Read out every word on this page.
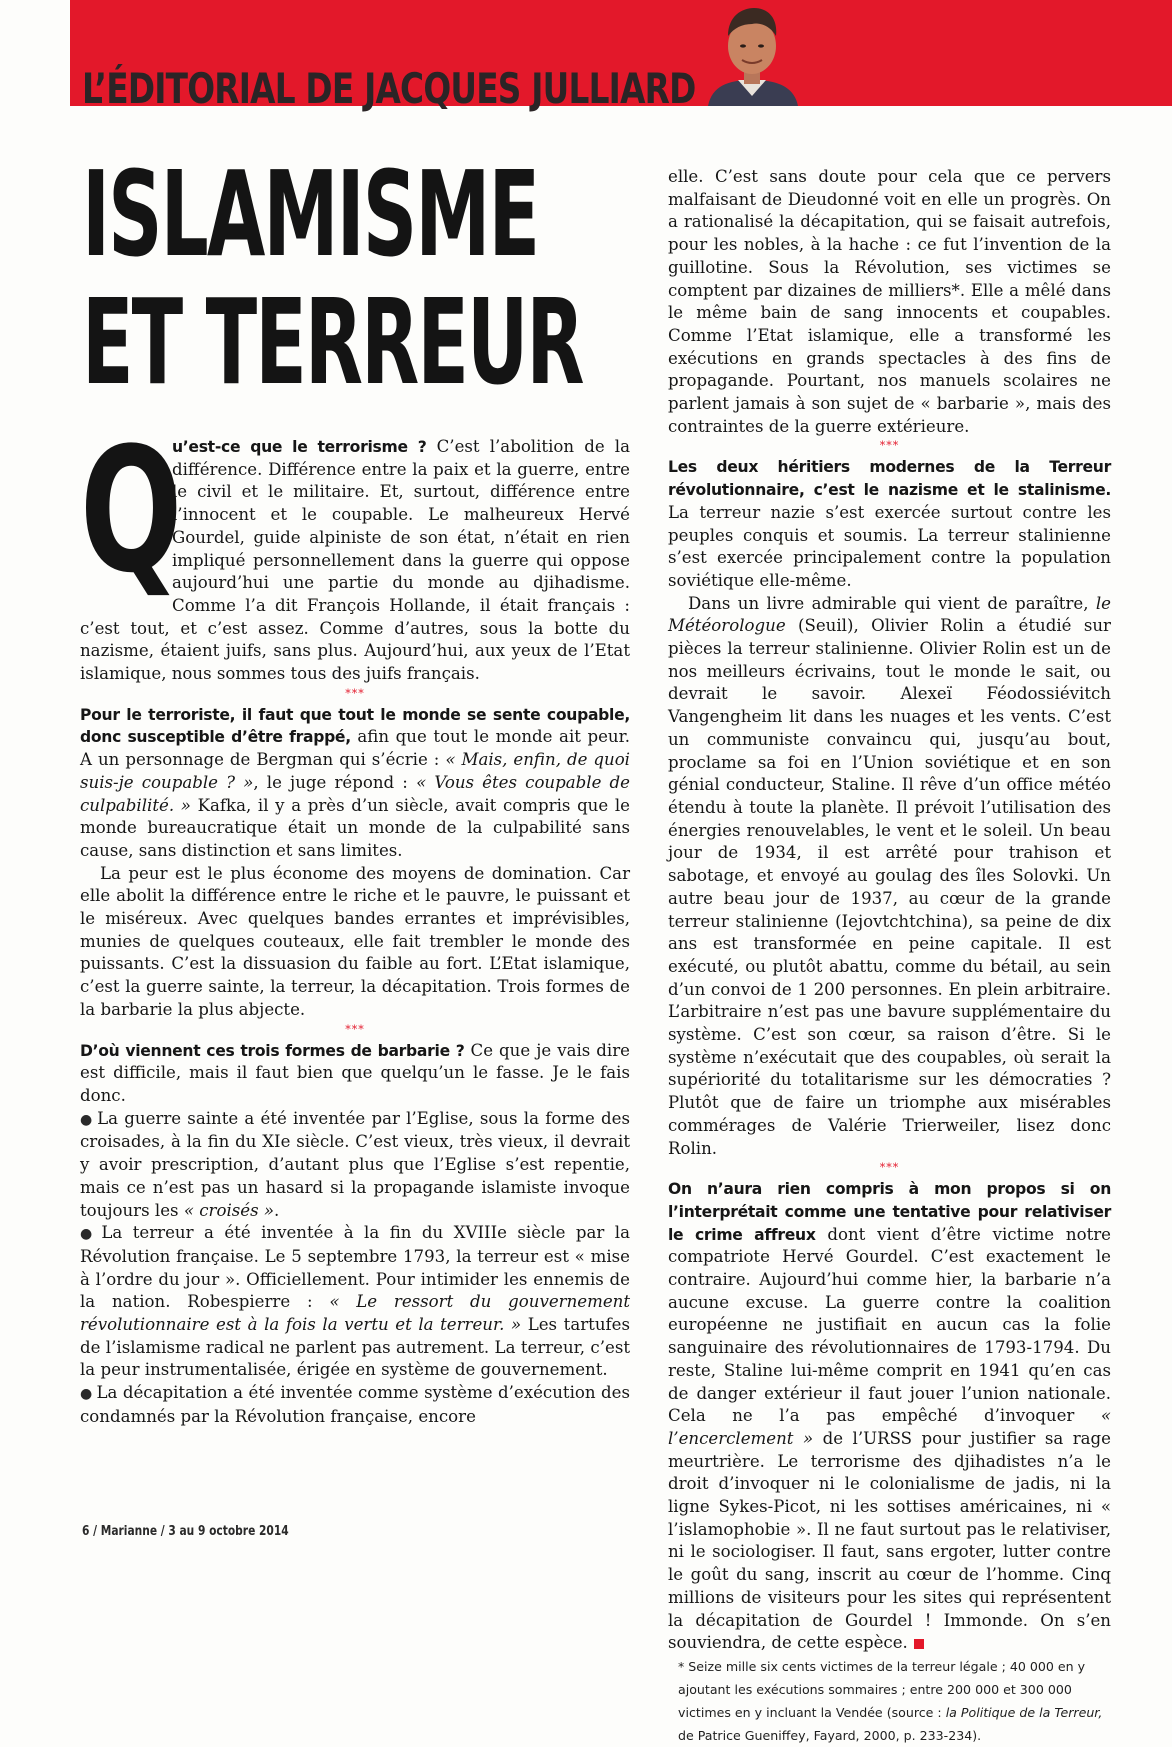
L’ÉDITORIAL DE JACQUES JULLIARD
ISLAMISME
ET TERREUR

Q
u’est-ce que le terrorisme ? C’est l’abolition de la différence. Différence entre la paix et la guerre, entre le civil et le militaire. Et, surtout, différence entre l’innocent et le coupable. Le malheureux Hervé Gourdel, guide alpiniste de son état, n’était en rien impliqué personnellement dans la guerre qui oppose aujourd’hui une partie du monde au djihadisme. Comme l’a dit François Hollande, il était français : c’est tout, et c’est assez. Comme d’autres, sous la botte du nazisme, étaient juifs, sans plus. Aujourd’hui, aux yeux de l’Etat islamique, nous sommes tous des juifs français.

***

Pour le terroriste, il faut que tout le monde se sente coupable, donc susceptible d’être frappé, afin que tout le monde ait peur. A un personnage de Bergman qui s’écrie : « Mais, enfin, de quoi suis-je coupable ? », le juge répond : « Vous êtes coupable de culpabilité. » Kafka, il y a près d’un siècle, avait compris que le monde bureaucratique était un monde de la culpabilité sans cause, sans distinction et sans limites.

La peur est le plus économe des moyens de domination. Car elle abolit la différence entre le riche et le pauvre, le puissant et le miséreux. Avec quelques bandes errantes et imprévisibles, munies de quelques couteaux, elle fait trembler le monde des puissants. C’est la dissuasion du faible au fort. L’Etat islamique, c’est la guerre sainte, la terreur, la décapitation. Trois formes de la barbarie la plus abjecte.

***

D’où viennent ces trois formes de barbarie ? Ce que je vais dire est difficile, mais il faut bien que quelqu’un le fasse. Je le fais donc.

● La guerre sainte a été inventée par l’Eglise, sous la forme des croisades, à la fin du XIe siècle. C’est vieux, très vieux, il devrait y avoir prescription, d’autant plus que l’Eglise s’est repentie, mais ce n’est pas un hasard si la propagande islamiste invoque toujours les « croisés ».

● La terreur a été inventée à la fin du XVIIIe siècle par la Révolution française. Le 5 septembre 1793, la terreur est « mise à l’ordre du jour ». Officiellement. Pour intimider les ennemis de la nation. Robespierre : « Le ressort du gouvernement révolutionnaire est à la fois la vertu et la terreur. » Les tartufes de l’islamisme radical ne parlent pas autrement. La terreur, c’est la peur instrumentalisée, érigée en système de gouvernement.

● La décapitation a été inventée comme système d’exécution des condamnés par la Révolution française, encore

elle. C’est sans doute pour cela que ce pervers malfaisant de Dieudonné voit en elle un progrès. On a rationalisé la décapitation, qui se faisait autrefois, pour les nobles, à la hache : ce fut l’invention de la guillotine. Sous la Révolution, ses victimes se comptent par dizaines de milliers*. Elle a mêlé dans le même bain de sang innocents et coupables. Comme l’Etat islamique, elle a transformé les exécutions en grands spectacles à des fins de propagande. Pourtant, nos manuels scolaires ne parlent jamais à son sujet de « barbarie », mais des contraintes de la guerre extérieure.

***

Les deux héritiers modernes de la Terreur révolutionnaire, c’est le nazisme et le stalinisme. La terreur nazie s’est exercée surtout contre les peuples conquis et soumis. La terreur stalinienne s’est exercée principalement contre la population soviétique elle-même.

Dans un livre admirable qui vient de paraître, le Météorologue (Seuil), Olivier Rolin a étudié sur pièces la terreur stalinienne. Olivier Rolin est un de nos meilleurs écrivains, tout le monde le sait, ou devrait le savoir. Alexeï Féodossiévitch Vangengheim lit dans les nuages et les vents. C’est un communiste convaincu qui, jusqu’au bout, proclame sa foi en l’Union soviétique et en son génial conducteur, Staline. Il rêve d’un office météo étendu à toute la planète. Il prévoit l’utilisation des énergies renouvelables, le vent et le soleil. Un beau jour de 1934, il est arrêté pour trahison et sabotage, et envoyé au goulag des îles Solovki. Un autre beau jour de 1937, au cœur de la grande terreur stalinienne (Iejovtchtchina), sa peine de dix ans est transformée en peine capitale. Il est exécuté, ou plutôt abattu, comme du bétail, au sein d’un convoi de 1 200 personnes. En plein arbitraire. L’arbitraire n’est pas une bavure supplémentaire du système. C’est son cœur, sa raison d’être. Si le système n’exécutait que des coupables, où serait la supériorité du totalitarisme sur les démocraties ? Plutôt que de faire un triomphe aux misérables commérages de Valérie Trierweiler, lisez donc Rolin.

***

On n’aura rien compris à mon propos si on l’interprétait comme une tentative pour relativiser le crime affreux dont vient d’être victime notre compatriote Hervé Gourdel. C’est exactement le contraire. Aujourd’hui comme hier, la barbarie n’a aucune excuse. La guerre contre la coalition européenne ne justifiait en aucun cas la folie sanguinaire des révolutionnaires de 1793-1794. Du reste, Staline lui-même comprit en 1941 qu’en cas de danger extérieur il faut jouer l’union nationale. Cela ne l’a pas empêché d’invoquer « l’encerclement » de l’URSS pour justifier sa rage meurtrière. Le terrorisme des djihadistes n’a le droit d’invoquer ni le colonialisme de jadis, ni la ligne Sykes-Picot, ni les sottises américaines, ni « l’islamophobie ». Il ne faut surtout pas le relativiser, ni le sociologiser. Il faut, sans ergoter, lutter contre le goût du sang, inscrit au cœur de l’homme. Cinq millions de visiteurs pour les sites qui représentent la décapitation de Gourdel ! Immonde. On s’en souviendra, de cette espèce.

* Seize mille six cents victimes de la terreur légale ; 40 000 en y ajoutant les exécutions sommaires ; entre 200 000 et 300 000 victimes en y incluant la Vendée (source : la Politique de la Terreur, de Patrice Gueniffey, Fayard, 2000, p. 233-234).

6 / Marianne / 3 au 9 octobre 2014
